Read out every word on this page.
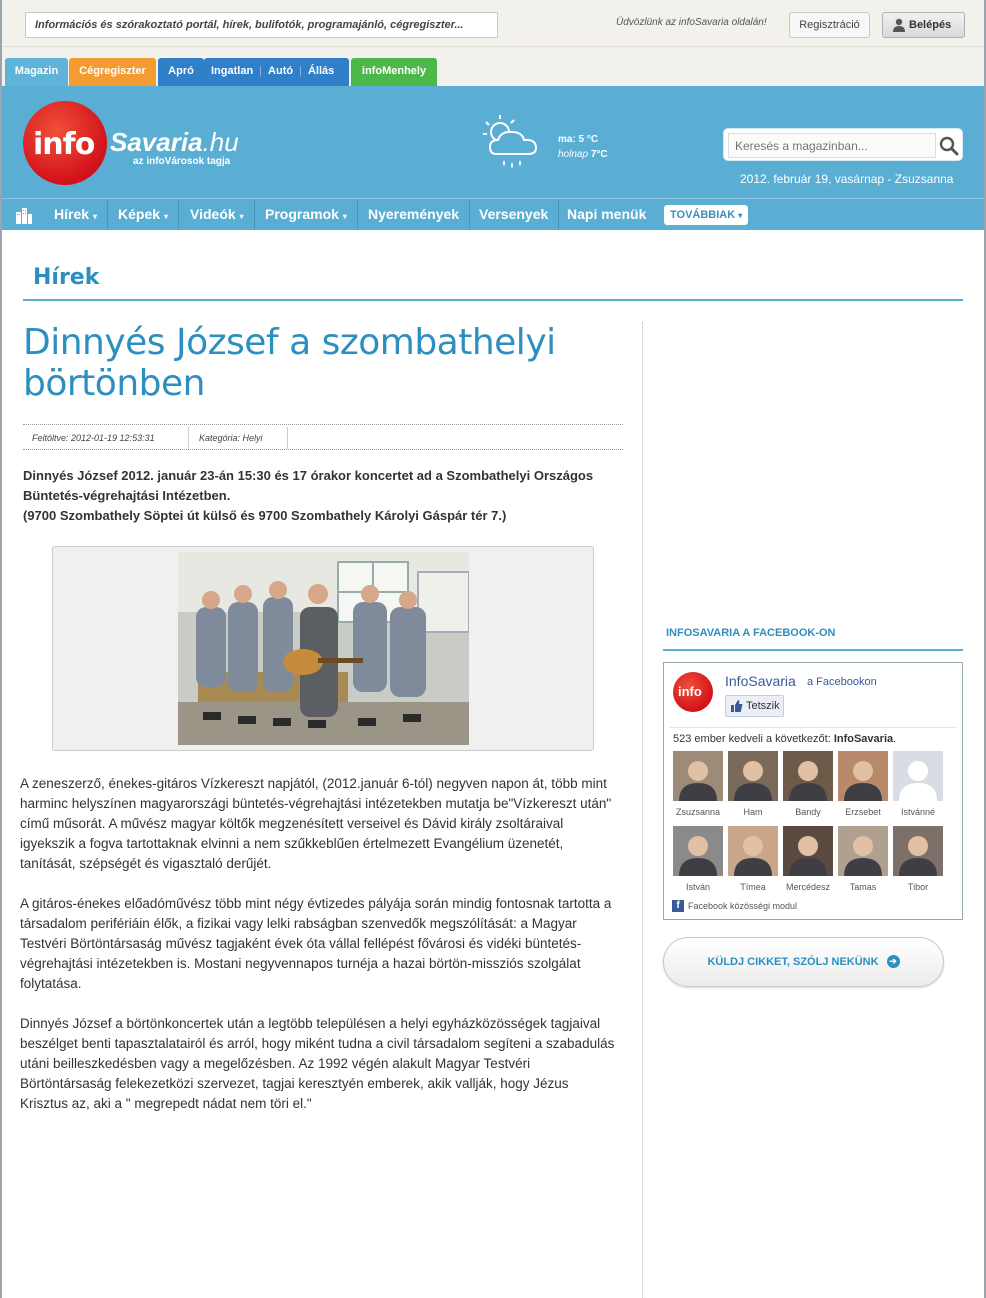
Információs és szórakoztató portál, hírek, bulifotók, programajánló, cégregiszter...	Üdvözlünk az infoSavaria oldalán!	Regisztráció	Belépés
Magazin	Cégregiszter	Apró	Ingatlan | Autó | Állás	infoMenhely
info Savaria.hu
az infoVárosok tagja
ma: 5 °C
holnap 7°C
Keresés a magazinban...
2012. február 19, vasárnap - Zsuzsanna
Hírek ▾	Képek ▾	Videók ▾	Programok ▾	Nyeremények	Versenyek	Napi menük	TOVÁBBIAK ▾
Hírek
Dinnyés József a szombathelyi börtönben
Feltöltve: 2012-01-19 12:53:31	Kategória: Helyi
Dinnyés József 2012. január 23-án 15:30 és 17 órakor koncertet ad a Szombathelyi Országos Büntetés-végrehajtási Intézetben.
(9700 Szombathely Söptei út külső és 9700 Szombathely Károlyi Gáspár tér 7.)
A zeneszerző, énekes-gitáros Vízkereszt napjától, (2012.január 6-tól) negyven napon át, több mint harminc helyszínen magyarországi büntetés-végrehajtási intézetekben mutatja be"Vízkereszt után" című műsorát. A művész magyar költők megzenésített verseivel és Dávid király zsoltáraival igyekszik a fogva tartottaknak elvinni a nem szűkkeblűen értelmezett Evangélium üzenetét, tanítását, szépségét és vigasztaló derűjét.
A gitáros-énekes előadóművész több mint négy évtizedes pályája során mindig fontosnak tartotta a társadalom perifériáin élők, a fizikai vagy lelki rabságban szenvedők megszólítását: a Magyar Testvéri Börtöntársaság művész tagjaként évek óta vállal fellépést fővárosi és vidéki büntetés-végrehajtási intézetekben is. Mostani negyvennapos turnéja a hazai börtön-missziós szolgálat folytatása.
Dinnyés József a börtönkoncertek után a legtöbb településen a helyi egyházközösségek tagjaival beszélget benti tapasztalatairól és arról, hogy miként tudna a civil társadalom segíteni a szabadulás utáni beilleszkedésben vagy a megelőzésben. Az 1992 végén alakult Magyar Testvéri Börtöntársaság felekezetközi szervezet, tagjai keresztyén emberek, akik vallják, hogy Jézus Krisztus az, aki a " megrepedt nádat nem töri el."
INFOSAVARIA A FACEBOOK-ON
info
InfoSavaria a Facebookon
Tetszik
523 ember kedveli a következőt: InfoSavaria.
Zsuzsanna	Ham	Bandy	Erzsebet	Istvánné
István	Tímea	Mercédesz	Tamas	Tibor
f Facebook közösségi modul
KÜLDJ CIKKET, SZÓLJ NEKÜNK ➔
